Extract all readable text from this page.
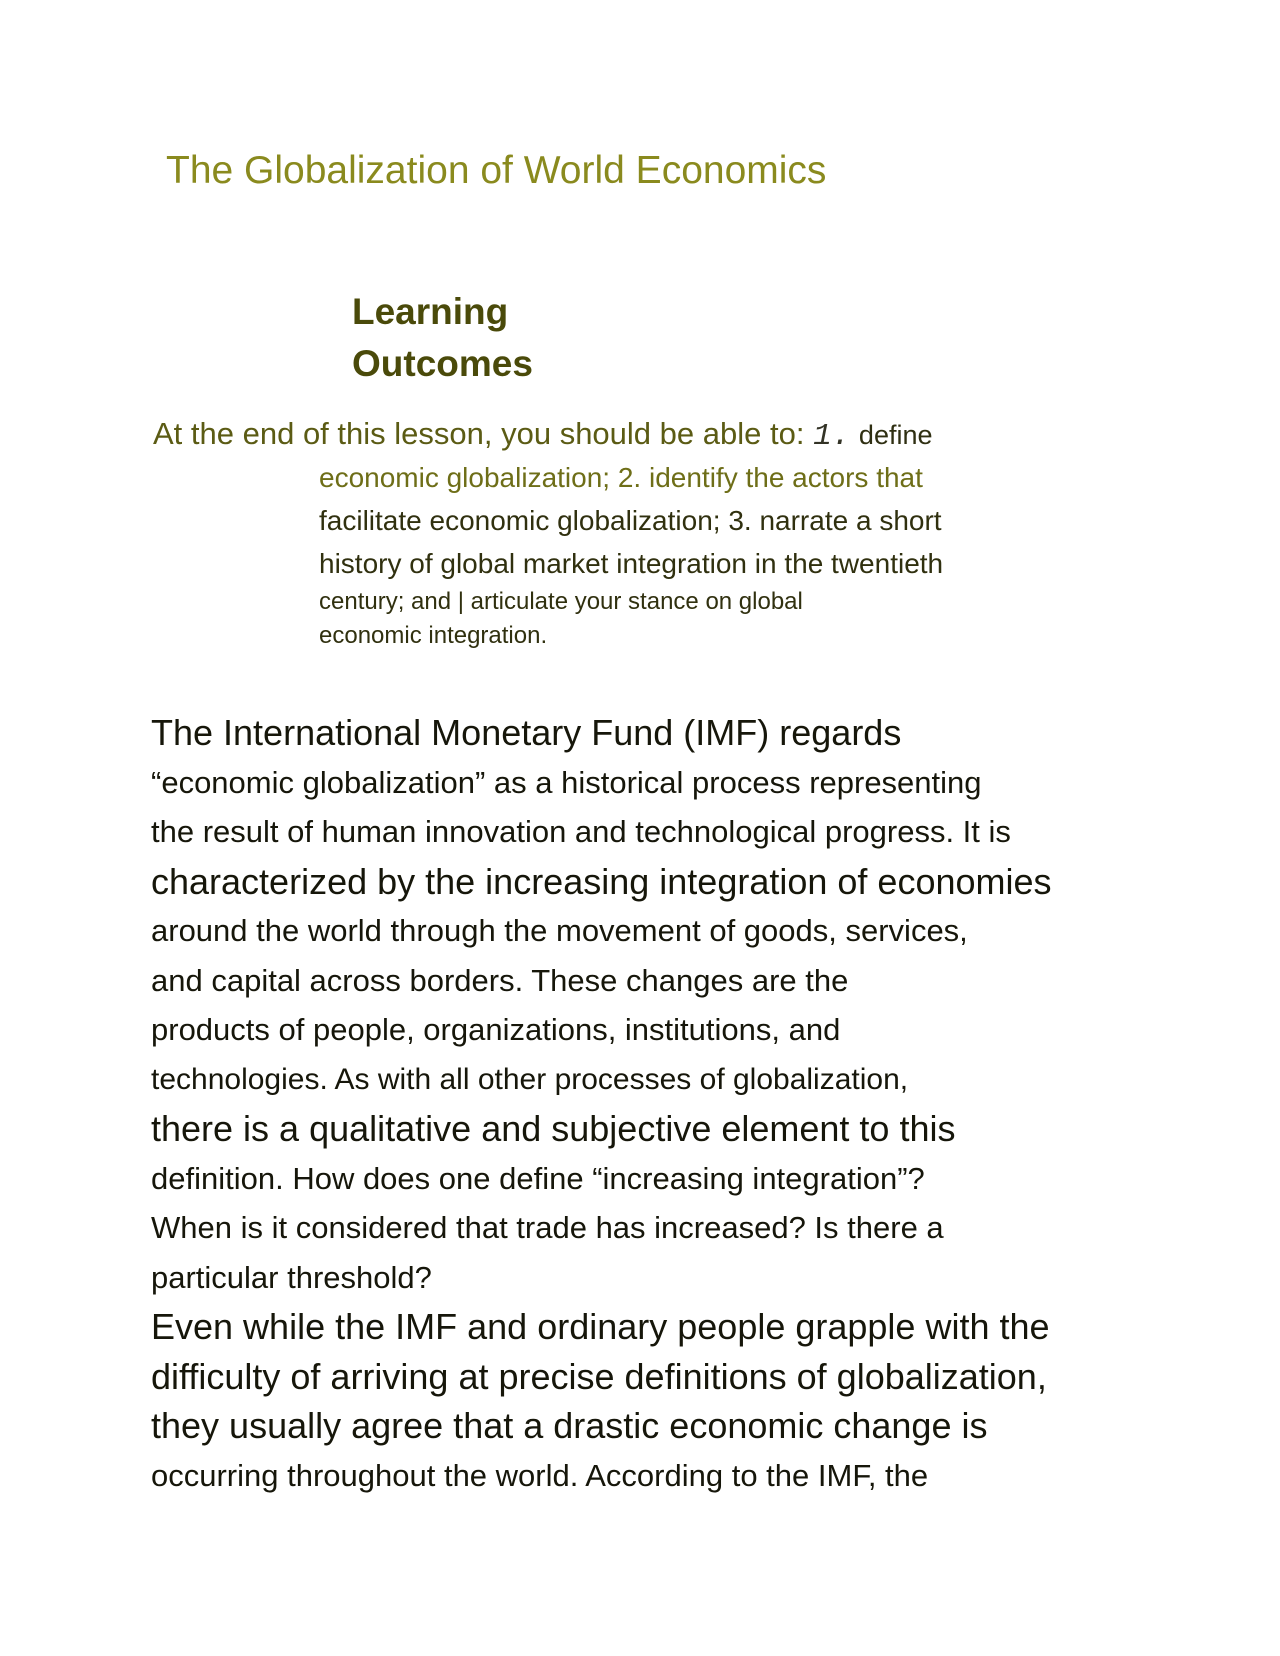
The Globalization of World Economics
Learning
Outcomes

At the end of this lesson, you should be able to: 1. define

economic globalization; 2. identify the actors that
facilitate economic globalization; 3. narrate a short
history of global market integration in the twentieth
century; and | articulate your stance on global
economic integration.
The International Monetary Fund (IMF) regards
“economic globalization” as a historical process representing
the result of human innovation and technological progress. It is
characterized by the increasing integration of economies
around the world through the movement of goods, services,
and capital across borders. These changes are the
products of people, organizations, institutions, and
technologies. As with all other processes of globalization,
there is a qualitative and subjective element to this
definition. How does one define “increasing integration”?
When is it considered that trade has increased? Is there a
particular threshold?
Even while the IMF and ordinary people grapple with the
difficulty of arriving at precise definitions of globalization,
they usually agree that a drastic economic change is
occurring throughout the world. According to the IMF, the
